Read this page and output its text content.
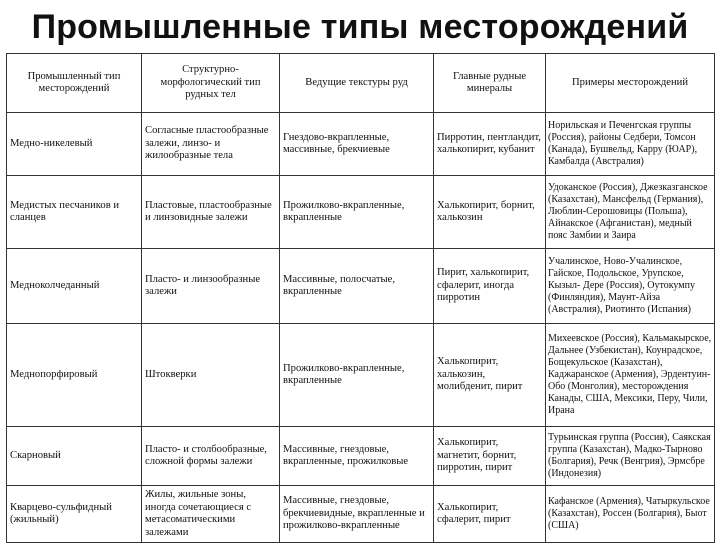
Промышленные типы месторождений
Промышленный тип месторождений	Структурно-морфологический тип рудных тел	Ведущие текстуры руд	Главные рудные минералы	Примеры месторождений
Медно-никелевый	Согласные пластообразные залежи, линзо- и жилообразные тела	Гнездово-вкрапленные, массивные, брекчиевые	Пирротин, пентландит, халькопирит, кубанит	Норильская и Печенгская группы (Россия), районы Седбери, Томсон (Канада), Бушвельд, Карру (ЮАР), Камбалда (Австралия)
Медистых песчаников и сланцев	Пластовые, пластообразные и линзовидные залежи	Прожилково-вкрапленные, вкрапленные	Халькопирит, борнит, халькозин	Удоканское (Россия), Джезказганское (Казахстан), Мансфельд (Германия), Люблин-Серошовицы (Польша), Айнакское (Афганистан), медный пояс Замбии и Заира
Медноколчеданный	Пласто- и линзообразные залежи	Массивные, полосчатые, вкрапленные	Пирит, халькопирит, сфалерит, иногда пирротин	Учалинское, Ново-Учалинское, Гайское, Подольское, Урупское, Кызыл- Дере (Россия), Оутокумпу (Финляндия), Маунт-Айза (Австралия), Риотинто (Испания)
Меднопорфировый	Штокверки	Прожилково-вкрапленные, вкрапленные	Халькопирит, халькозин, молибденит, пирит	Михеевское (Россия), Кальмакырское, Дальнее (Узбекистан), Коунрадское, Бощекульское (Казахстан), Каджаранское (Армения), Эрдентуин-Обо (Монголия), месторождения Канады, США, Мексики, Перу, Чили, Ирана
Скарновый	Пласто- и столбообразные, сложной формы залежи	Массивные, гнездовые, вкрапленные, прожилковые	Халькопирит, магнетит, борнит, пирротин, пирит	Турьинская группа (Россия), Саякская группа (Казахстан), Мадко-Тырново (Болгария), Речк (Венгрия), Эрмсбре (Индонезия)
Кварцево-сульфидный (жильный)	Жилы, жильные зоны, иногда сочетающиеся с метасоматическими залежами	Массивные, гнездовые, брекчиевидные, вкрапленные и прожилково-вкрапленные	Халькопирит, сфалерит, пирит	Кафанское (Армения), Чатыркульское (Казахстан), Россен (Болгария), Быот (США)
